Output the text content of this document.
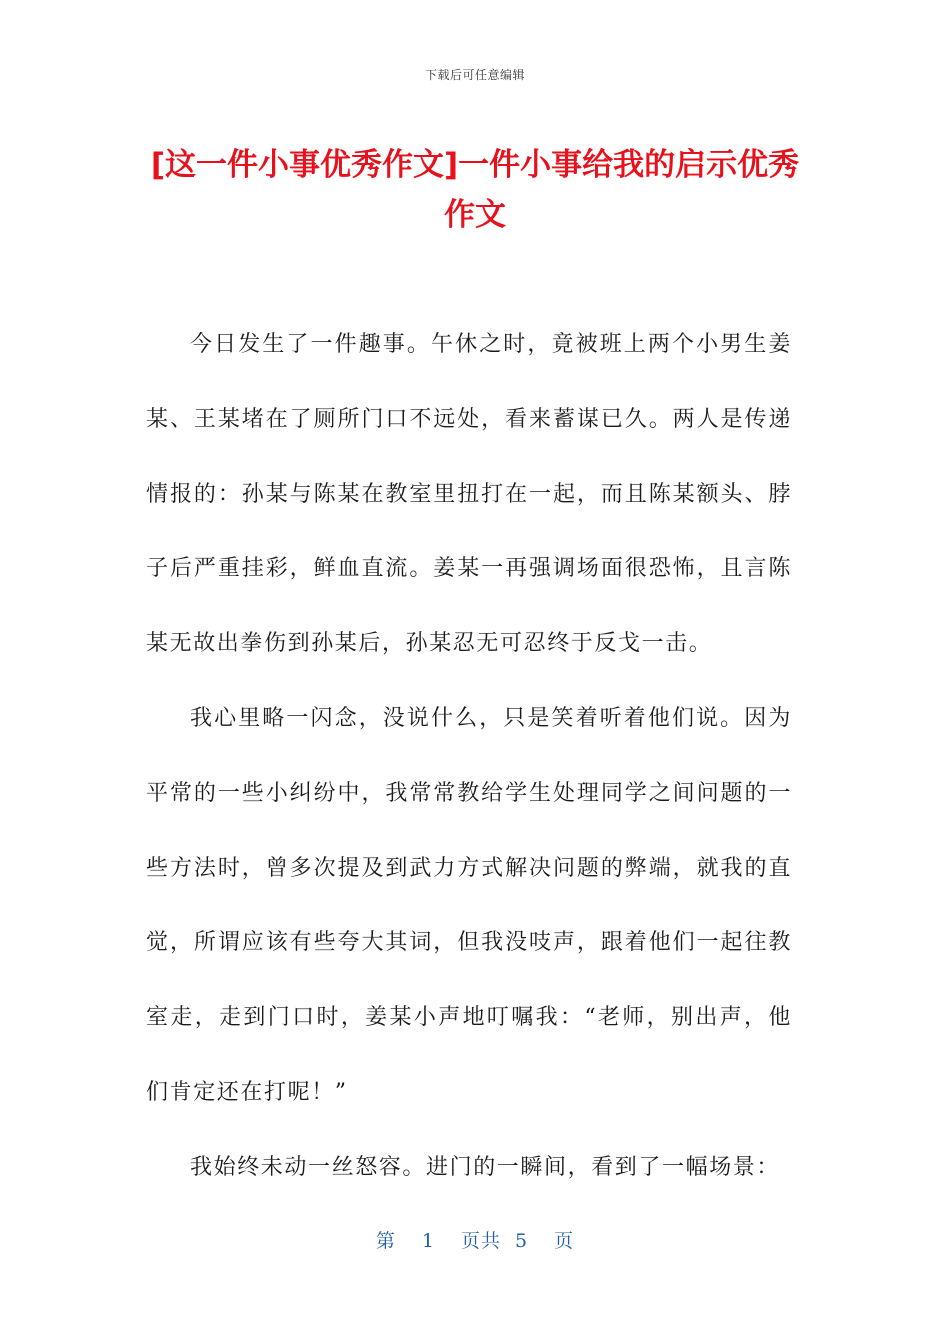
下载后可任意编辑
[这一件小事优秀作文]一件小事给我的启示优秀作文

今日发生了一件趣事。午休之时，竟被班上两个小男生姜某、王某堵在了厕所门口不远处，看来蓄谋已久。两人是传递情报的：孙某与陈某在教室里扭打在一起，而且陈某额头、脖子后严重挂彩，鲜血直流。姜某一再强调场面很恐怖，且言陈某无故出拳伤到孙某后，孙某忍无可忍终于反戈一击。

我心里略一闪念，没说什么，只是笑着听着他们说。因为平常的一些小纠纷中，我常常教给学生处理同学之间问题的一些方法时，曾多次提及到武力方式解决问题的弊端，就我的直觉，所谓应该有些夸大其词，但我没吱声，跟着他们一起往教室走，走到门口时，姜某小声地叮嘱我：“老师，别出声，他们肯定还在打呢！”

我始终未动一丝怒容。进门的一瞬间，看到了一幅场景：

第 1 页共 5 页
